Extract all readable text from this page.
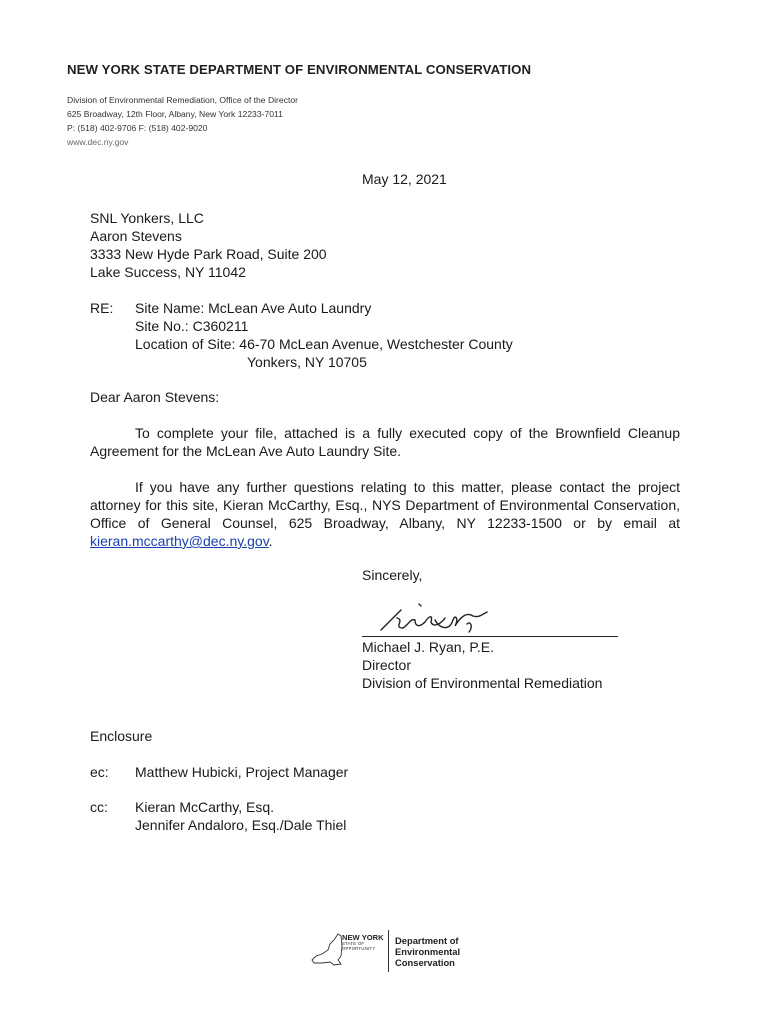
NEW YORK STATE DEPARTMENT OF ENVIRONMENTAL CONSERVATION
Division of Environmental Remediation, Office of the Director
625 Broadway, 12th Floor, Albany, New York 12233-7011
P: (518) 402-9706 F: (518) 402-9020
www.dec.ny.gov
May 12, 2021
SNL Yonkers, LLC
Aaron Stevens
3333 New Hyde Park Road, Suite 200
Lake Success, NY 11042
RE: Site Name: McLean Ave Auto Laundry
Site No.: C360211
Location of Site: 46-70 McLean Avenue, Westchester County
Yonkers, NY 10705
Dear Aaron Stevens:
To complete your file, attached is a fully executed copy of the Brownfield Cleanup Agreement for the McLean Ave Auto Laundry Site.
If you have any further questions relating to this matter, please contact the project attorney for this site, Kieran McCarthy, Esq., NYS Department of Environmental Conservation, Office of General Counsel, 625 Broadway, Albany, NY 12233-1500 or by email at kieran.mccarthy@dec.ny.gov.
Sincerely,
Michael J. Ryan, P.E.
Director
Division of Environmental Remediation
Enclosure
ec: Matthew Hubicki, Project Manager
cc: Kieran McCarthy, Esq.
Jennifer Andaloro, Esq./Dale Thiel
NEW YORK
STATE OF
OPPORTUNITY
Department of
Environmental
Conservation
